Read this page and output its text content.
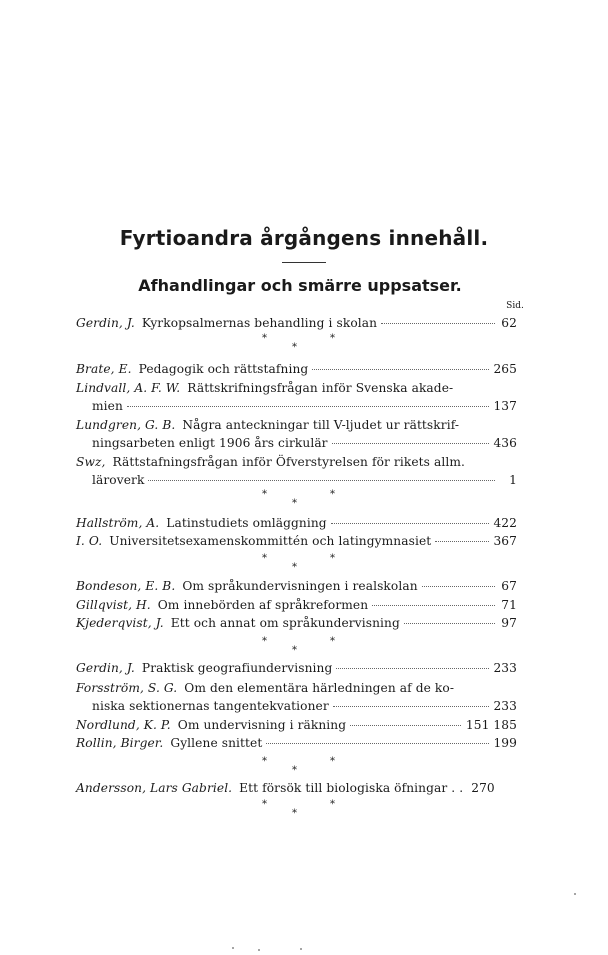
Fyrtioandra årgångens innehåll.
Afhandlingar och smärre uppsatser.
Sid.
Gerdin, J. Kyrkopsalmernas behandling i skolan	62
*
*
*
Brate, E. Pedagogik och rättstafning	265
Lindvall, A. F. W. Rättskrifningsfrågan inför Svenska akade-
mien	137
Lundgren, G. B. Några anteckningar till V-ljudet ur rättskrif-
ningsarbeten enligt 1906 års cirkulär	436
Swz, Rättstafningsfrågan inför Öfverstyrelsen för rikets allm.
läroverk	1
*
*
*
Hallström, A. Latinstudiets omläggning	422
I. O. Universitetsexamenskommittén och latingymnasiet	367
*
*
*
Bondeson, E. B. Om språkundervisningen i realskolan	67
Gillqvist, H. Om innebörden af språkreformen	71
Kjederqvist, J. Ett och annat om språkundervisning	97
*
*
*
Gerdin, J. Praktisk geografiundervisning	233
Forsström, S. G. Om den elementära härledningen af de ko-
niska sektionernas tangentekvationer	233
Nordlund, K. P. Om undervisning i räkning	151 185
Rollin, Birger. Gyllene snittet	199
*
*
*
Andersson, Lars Gabriel. Ett försök till biologiska öfningar . . 270
*
*
*
